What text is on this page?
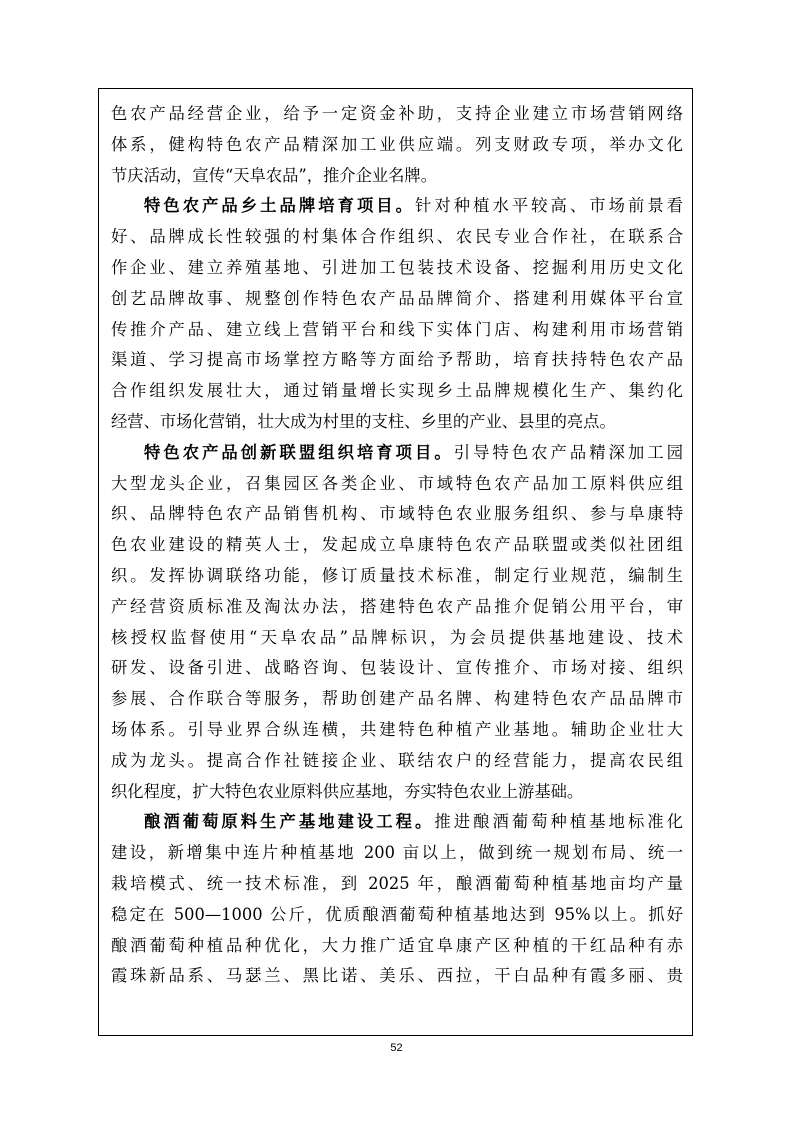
色农产品经营企业，给予一定资金补助，支持企业建立市场营销网络
体系，健构特色农产品精深加工业供应端。列支财政专项，举办文化
节庆活动，宣传“天阜农品”，推介企业名牌。
特色农产品乡土品牌培育项目。针对种植水平较高、市场前景看
好、品牌成长性较强的村集体合作组织、农民专业合作社，在联系合
作企业、建立养殖基地、引进加工包装技术设备、挖掘利用历史文化
创艺品牌故事、规整创作特色农产品品牌简介、搭建利用媒体平台宣
传推介产品、建立线上营销平台和线下实体门店、构建利用市场营销
渠道、学习提高市场掌控方略等方面给予帮助，培育扶持特色农产品
合作组织发展壮大，通过销量增长实现乡土品牌规模化生产、集约化
经营、市场化营销，壮大成为村里的支柱、乡里的产业、县里的亮点。
特色农产品创新联盟组织培育项目。引导特色农产品精深加工园
大型龙头企业，召集园区各类企业、市域特色农产品加工原料供应组
织、品牌特色农产品销售机构、市域特色农业服务组织、参与阜康特
色农业建设的精英人士，发起成立阜康特色农产品联盟或类似社团组
织。发挥协调联络功能，修订质量技术标准，制定行业规范，编制生
产经营资质标准及淘汰办法，搭建特色农产品推介促销公用平台，审
核授权监督使用“天阜农品”品牌标识，为会员提供基地建设、技术
研发、设备引进、战略咨询、包装设计、宣传推介、市场对接、组织
参展、合作联合等服务，帮助创建产品名牌、构建特色农产品品牌市
场体系。引导业界合纵连横，共建特色种植产业基地。辅助企业壮大
成为龙头。提高合作社链接企业、联结农户的经营能力，提高农民组
织化程度，扩大特色农业原料供应基地，夯实特色农业上游基础。
酿酒葡萄原料生产基地建设工程。推进酿酒葡萄种植基地标准化
建设，新增集中连片种植基地 200 亩以上，做到统一规划布局、统一
栽培模式、统一技术标准，到 2025 年，酿酒葡萄种植基地亩均产量
稳定在 500—1000 公斤，优质酿酒葡萄种植基地达到 95%以上。抓好
酿酒葡萄种植品种优化，大力推广适宜阜康产区种植的干红品种有赤
霞珠新品系、马瑟兰、黑比诺、美乐、西拉，干白品种有霞多丽、贵
52
